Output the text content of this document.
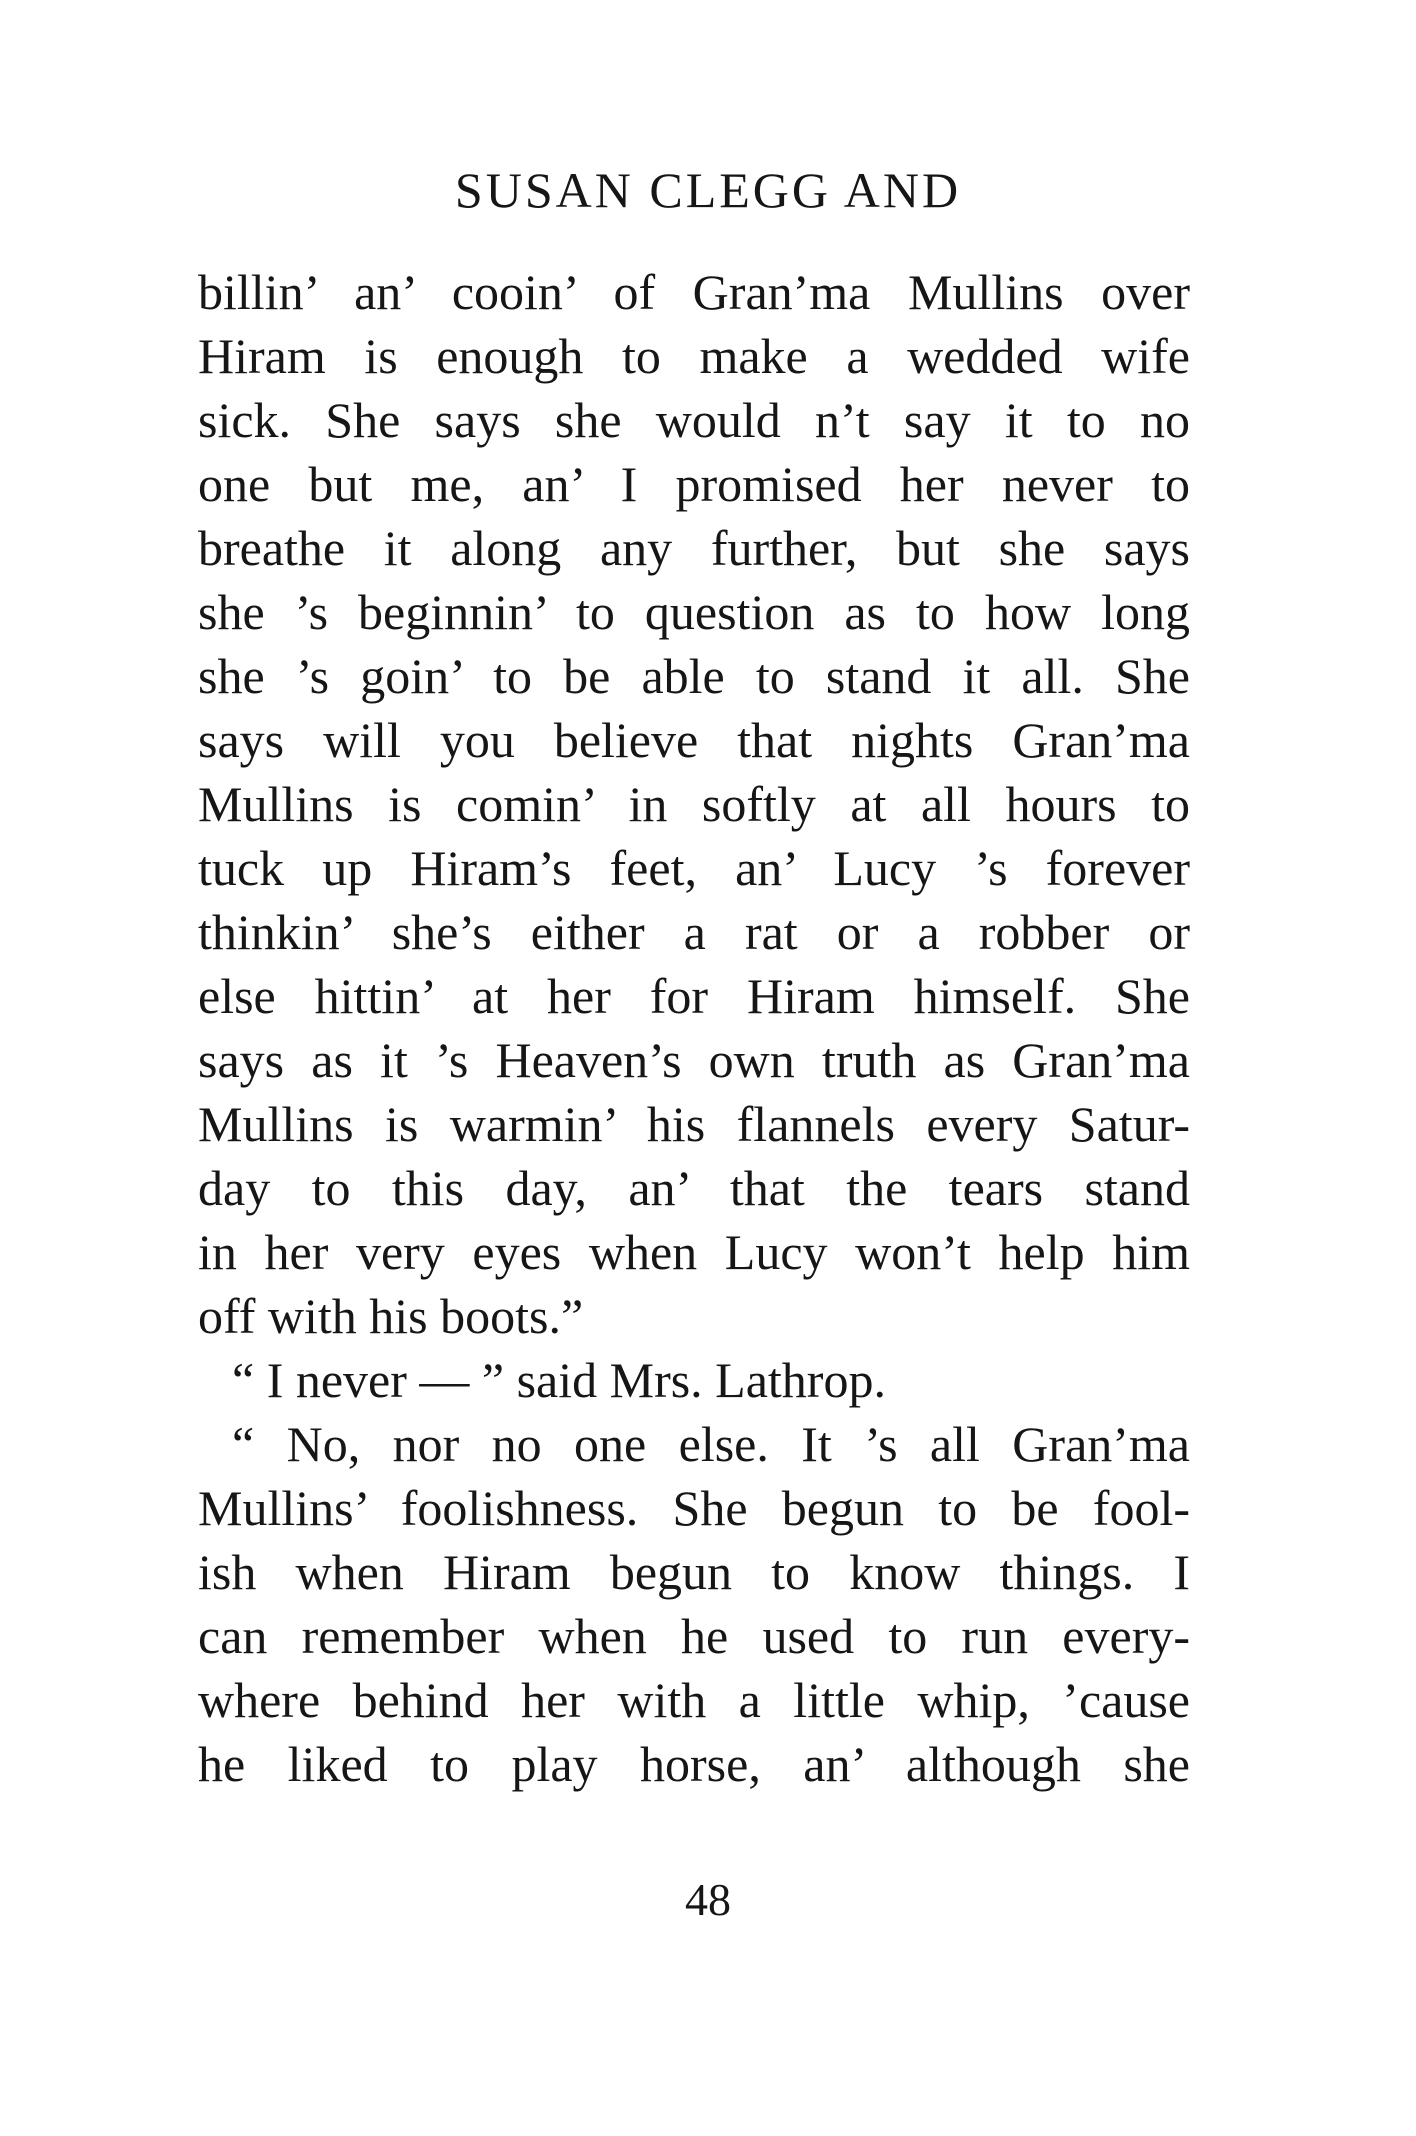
SUSAN CLEGG AND
billin’ an’ cooin’ of Gran’ma Mullins over
Hiram is enough to make a wedded wife
sick. She says she would n’t say it to no
one but me, an’ I promised her never to
breathe it along any further, but she says
she ’s beginnin’ to question as to how long
she ’s goin’ to be able to stand it all. She
says will you believe that nights Gran’ma
Mullins is comin’ in softly at all hours to
tuck up Hiram’s feet, an’ Lucy ’s forever
thinkin’ she’s either a rat or a robber or
else hittin’ at her for Hiram himself. She
says as it ’s Heaven’s own truth as Gran’ma
Mullins is warmin’ his flannels every Satur-
day to this day, an’ that the tears stand
in her very eyes when Lucy won’t help him
off with his boots.”
“ I never — ” said Mrs. Lathrop.
“ No, nor no one else. It ’s all Gran’ma
Mullins’ foolishness. She begun to be fool-
ish when Hiram begun to know things. I
can remember when he used to run every-
where behind her with a little whip, ’cause
he liked to play horse, an’ although she
48
